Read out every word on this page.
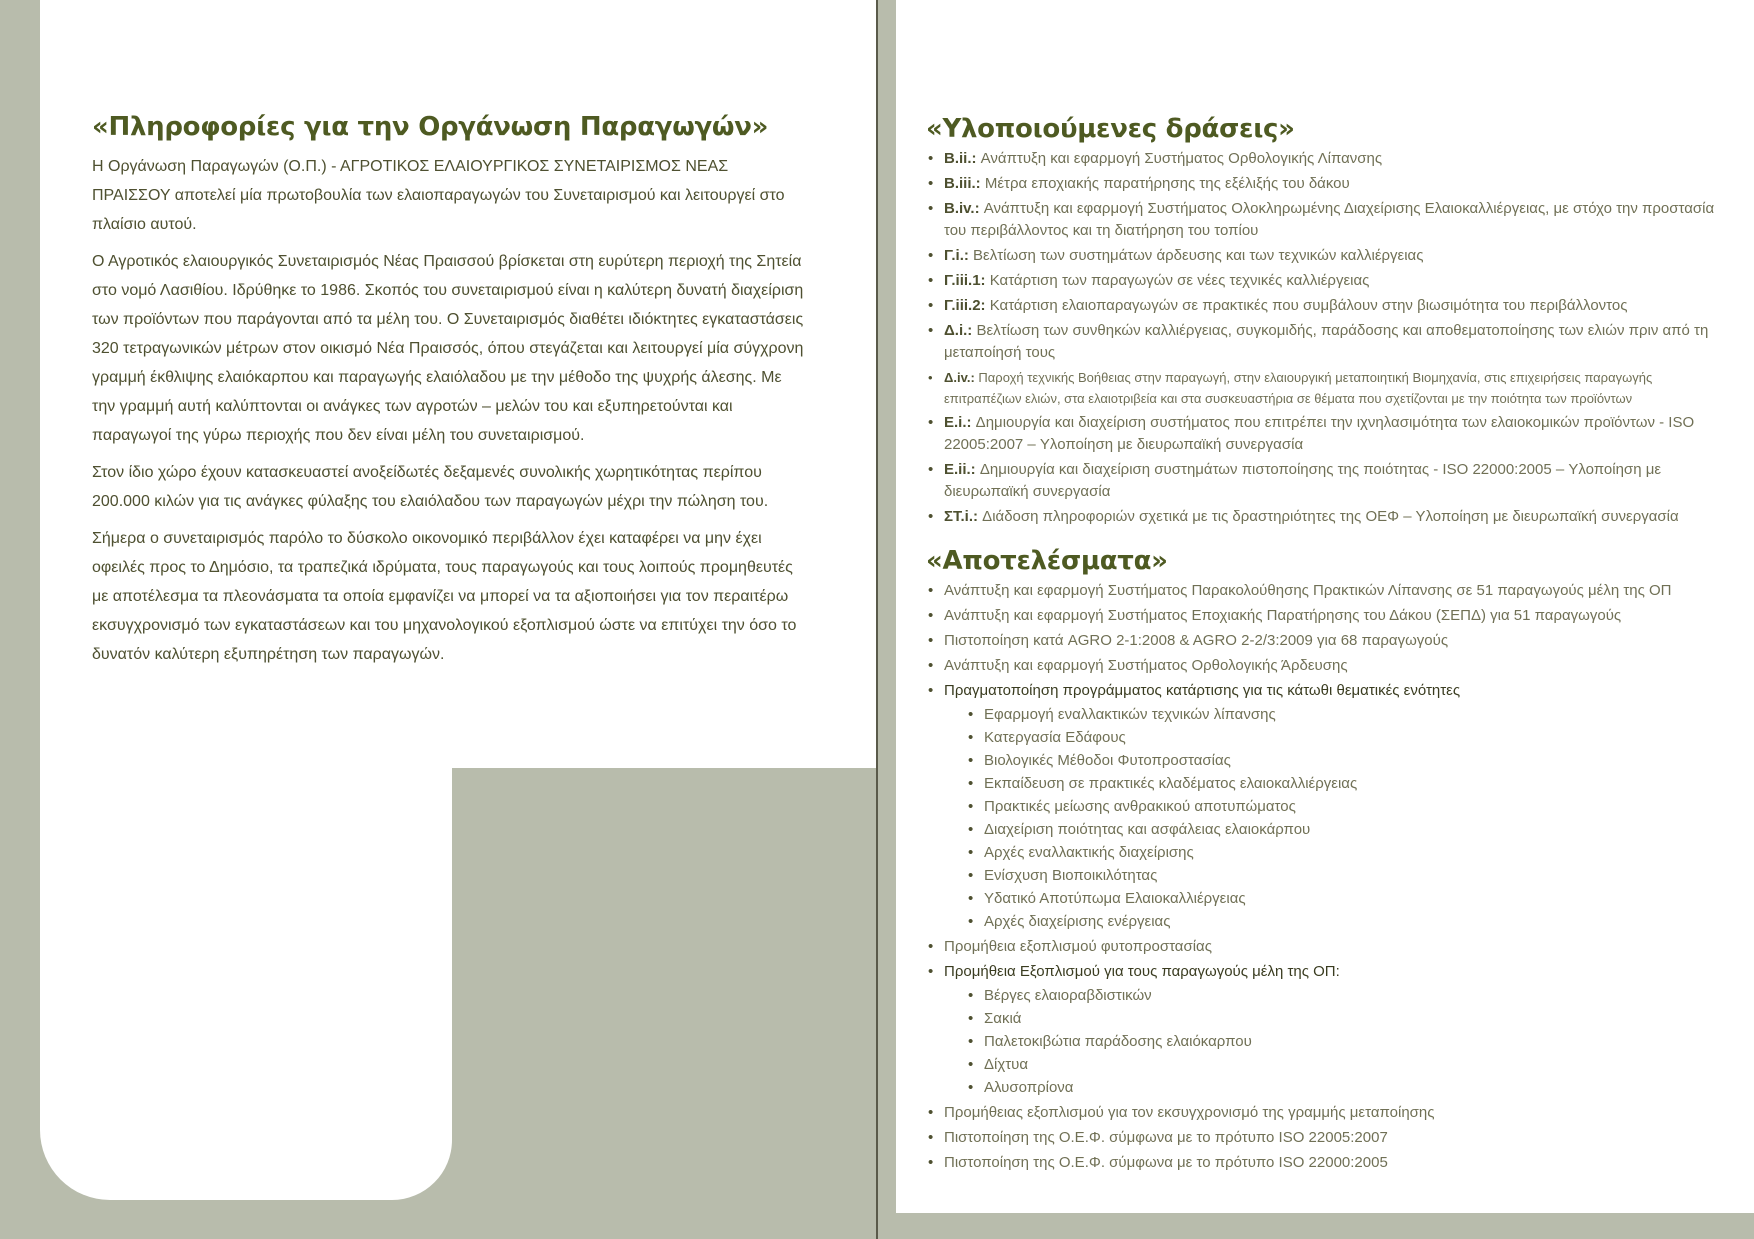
«Πληροφορίες για την Οργάνωση Παραγωγών»

Η Οργάνωση Παραγωγών (Ο.Π.) - ΑΓΡΟΤΙΚΟΣ ΕΛΑΙΟΥΡΓΙΚΟΣ ΣΥΝΕΤΑΙΡΙΣΜΟΣ ΝΕΑΣ ΠΡΑΙΣΣΟΥ αποτελεί μία πρωτοβουλία των ελαιοπαραγωγών του Συνεταιρισμού και λειτουργεί στο πλαίσιο αυτού.

Ο Αγροτικός ελαιουργικός Συνεταιρισμός Νέας Πραισσού βρίσκεται στη ευρύτερη περιοχή της Σητεία στο νομό Λασιθίου. Ιδρύθηκε το 1986. Σκοπός του συνεταιρισμού είναι η καλύτερη δυνατή διαχείριση των προϊόντων που παράγονται από τα μέλη του. Ο Συνεταιρισμός διαθέτει ιδιόκτητες εγκαταστάσεις 320 τετραγωνικών μέτρων στον οικισμό Νέα Πραισσός, όπου στεγάζεται και λειτουργεί μία σύγχρονη γραμμή έκθλιψης ελαιόκαρπου και παραγωγής ελαιόλαδου με την μέθοδο της ψυχρής άλεσης. Με την γραμμή αυτή καλύπτονται οι ανάγκες των αγροτών – μελών του και εξυπηρετούνται και παραγωγοί της γύρω περιοχής που δεν είναι μέλη του συνεταιρισμού.

Στον ίδιο χώρο έχουν κατασκευαστεί ανοξείδωτές δεξαμενές συνολικής χωρητικότητας περίπου 200.000 κιλών για τις ανάγκες φύλαξης του ελαιόλαδου των παραγωγών μέχρι την πώληση του.

Σήμερα ο συνεταιρισμός παρόλο το δύσκολο οικονομικό περιβάλλον έχει καταφέρει να μην έχει οφειλές προς το Δημόσιο, τα τραπεζικά ιδρύματα, τους παραγωγούς και τους λοιπούς προμηθευτές με αποτέλεσμα τα πλεονάσματα τα οποία εμφανίζει να μπορεί να τα αξιοποιήσει για τον περαιτέρω εκσυγχρονισμό των εγκαταστάσεων και του μηχανολογικού εξοπλισμού ώστε να επιτύχει την όσο το δυνατόν καλύτερη εξυπηρέτηση των παραγωγών.

«Υλοποιούμενες δράσεις»
• Β.ii.: Ανάπτυξη και εφαρμογή Συστήματος Ορθολογικής Λίπανσης
• Β.iii.: Μέτρα εποχιακής παρατήρησης της εξέλιξής του δάκου
• Β.iv.: Ανάπτυξη και εφαρμογή Συστήματος Ολοκληρωμένης Διαχείρισης Ελαιοκαλλιέργειας, με στόχο την προστασία του περιβάλλοντος και τη διατήρηση του τοπίου
• Γ.i.: Βελτίωση των συστημάτων άρδευσης και των τεχνικών καλλιέργειας
• Γ.iii.1: Κατάρτιση των παραγωγών σε νέες τεχνικές καλλιέργειας
• Γ.iii.2: Κατάρτιση ελαιοπαραγωγών σε πρακτικές που συμβάλουν στην βιωσιμότητα του περιβάλλοντος
• Δ.i.: Βελτίωση των συνθηκών καλλιέργειας, συγκομιδής, παράδοσης και αποθεματοποίησης των ελιών πριν από τη μεταποίησή τους
• Δ.iv.: Παροχή τεχνικής Βοήθειας στην παραγωγή, στην ελαιουργική μεταποιητική Βιομηχανία, στις επιχειρήσεις παραγωγής επιτραπέζιων ελιών, στα ελαιοτριβεία και στα συσκευαστήρια σε θέματα που σχετίζονται με την ποιότητα των προϊόντων
• Ε.i.: Δημιουργία και διαχείριση συστήματος που επιτρέπει την ιχνηλασιμότητα των ελαιοκομικών προϊόντων - ISO 22005:2007 – Υλοποίηση με διευρωπαϊκή συνεργασία
• Ε.ii.: Δημιουργία και διαχείριση συστημάτων πιστοποίησης της ποιότητας - ISO 22000:2005 – Υλοποίηση με διευρωπαϊκή συνεργασία
• ΣΤ.i.: Διάδοση πληροφοριών σχετικά με τις δραστηριότητες της ΟΕΦ – Υλοποίηση με διευρωπαϊκή συνεργασία
«Αποτελέσματα»
• Ανάπτυξη και εφαρμογή Συστήματος Παρακολούθησης Πρακτικών Λίπανσης σε 51 παραγωγούς μέλη της ΟΠ
• Ανάπτυξη και εφαρμογή Συστήματος Εποχιακής Παρατήρησης του Δάκου (ΣΕΠΔ) για 51 παραγωγούς
• Πιστοποίηση κατά AGRO 2-1:2008 & AGRO 2-2/3:2009 για 68 παραγωγούς
• Ανάπτυξη και εφαρμογή Συστήματος Ορθολογικής Άρδευσης
• Πραγματοποίηση προγράμματος κατάρτισης για τις κάτωθι θεματικές ενότητες
• Εφαρμογή εναλλακτικών τεχνικών λίπανσης
• Κατεργασία Εδάφους
• Βιολογικές Μέθοδοι Φυτοπροστασίας
• Εκπαίδευση σε πρακτικές κλαδέματος ελαιοκαλλιέργειας
• Πρακτικές μείωσης ανθρακικού αποτυπώματος
• Διαχείριση ποιότητας και ασφάλειας ελαιοκάρπου
• Αρχές εναλλακτικής διαχείρισης
• Ενίσχυση Βιοποικιλότητας
• Υδατικό Αποτύπωμα Ελαιοκαλλιέργειας
• Αρχές διαχείρισης ενέργειας
• Προμήθεια εξοπλισμού φυτοπροστασίας
• Προμήθεια Εξοπλισμού για τους παραγωγούς μέλη της ΟΠ:
• Βέργες ελαιοραβδιστικών
• Σακιά
• Παλετοκιβώτια παράδοσης ελαιόκαρπου
• Δίχτυα
• Αλυσοπρίονα
• Προμήθειας εξοπλισμού για τον εκσυγχρονισμό της γραμμής μεταποίησης
• Πιστοποίηση της Ο.Ε.Φ. σύμφωνα με το πρότυπο ISO 22005:2007
• Πιστοποίηση της Ο.Ε.Φ. σύμφωνα με το πρότυπο ISO 22000:2005
